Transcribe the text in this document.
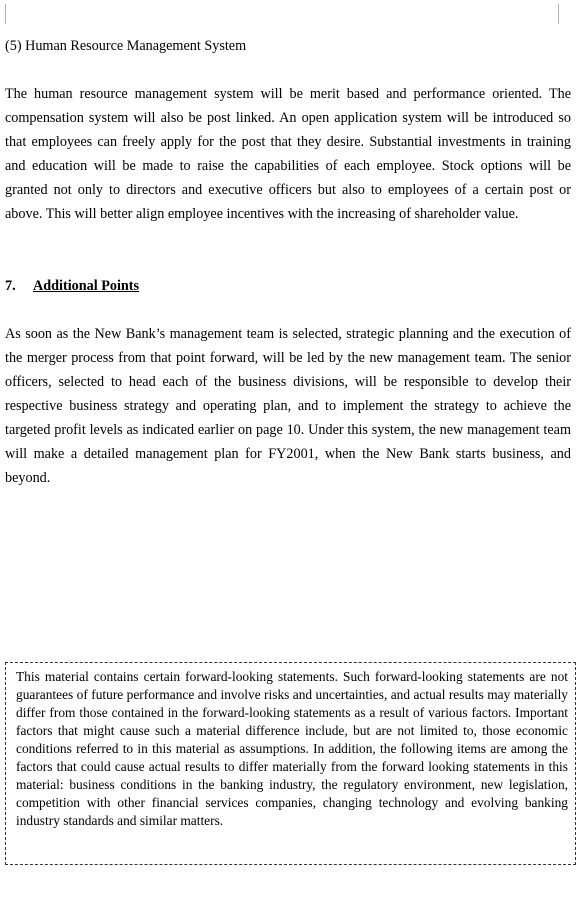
(5) Human Resource Management System
The human resource management system will be merit based and performance oriented. The compensation system will also be post linked. An open application system will be introduced so that employees can freely apply for the post that they desire. Substantial investments in training and education will be made to raise the capabilities of each employee. Stock options will be granted not only to directors and executive officers but also to employees of a certain post or above. This will better align employee incentives with the increasing of shareholder value.
7. Additional Points
As soon as the New Bank’s management team is selected, strategic planning and the execution of the merger process from that point forward, will be led by the new management team. The senior officers, selected to head each of the business divisions, will be responsible to develop their respective business strategy and operating plan, and to implement the strategy to achieve the targeted profit levels as indicated earlier on page 10. Under this system, the new management team will make a detailed management plan for FY2001, when the New Bank starts business, and beyond.
This material contains certain forward-looking statements. Such forward-looking statements are not guarantees of future performance and involve risks and uncertainties, and actual results may materially differ from those contained in the forward-looking statements as a result of various factors. Important factors that might cause such a material difference include, but are not limited to, those economic conditions referred to in this material as assumptions. In addition, the following items are among the factors that could cause actual results to differ materially from the forward looking statements in this material: business conditions in the banking industry, the regulatory environment, new legislation, competition with other financial services companies, changing technology and evolving banking industry standards and similar matters.
